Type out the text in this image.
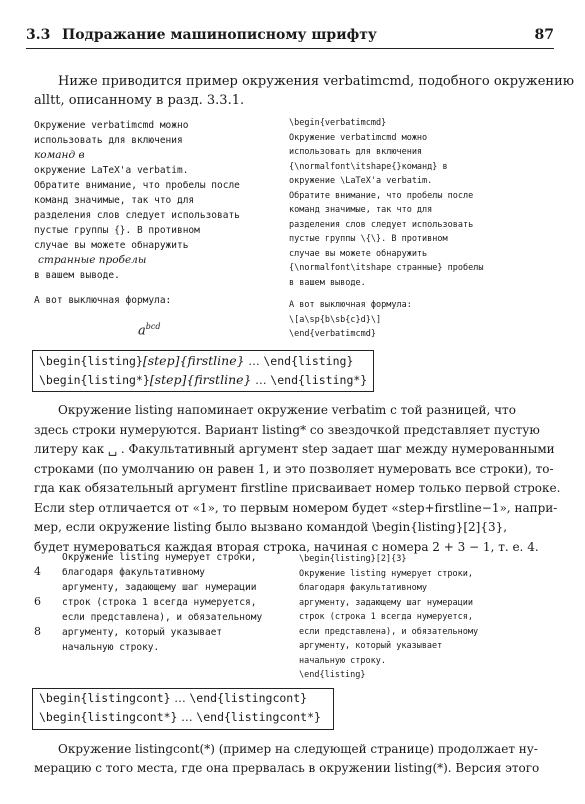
3.3 Подражание машинописному шрифту	87
Ниже приводится пример окружения verbatimcmd, подобного окружению
alltt, описанному в разд. 3.3.1.
Окружение verbatimcmd можно
использовать для включения
команд в
окружение LaTeX'а verbatim.
Обратите внимание, что пробелы после
команд значимые, так что для
разделения слов следует использовать
пустые группы {}. В противном
случае вы можете обнаружить
странные пробелы
в вашем выводе.
А вот выключная формула:
$a^{bcd}$
\begin{verbatimcmd}
Окружение verbatimcmd можно
использовать для включения
{\normalfont\itshape{}команд} в
окружение \LaTeX'а verbatim.
Обратите внимание, что пробелы после
команд значимые, так что для
разделения слов следует использовать
пустые группы \{\}. В противном
случае вы можете обнаружить
{\normalfont\itshape странные} пробелы
в вашем выводе.
А вот выключная формула:
\[a\sp{b\sb{c}d}\]
\end{verbatimcmd}
\begin{listing}[step]{firstline} … \end{listing}
\begin{listing*}[step]{firstline} … \end{listing*}
Окружение listing напоминает окружение verbatim с той разницей, что
здесь строки нумеруются. Вариант listing* со звездочкой представляет пустую
литеру как ␣ . Факультативный аргумент step задает шаг между нумерованными
строками (по умолчанию он равен 1, и это позволяет нумеровать все строки), то-
гда как обязательный аргумент firstline присваивает номер только первой строке.
Если step отличается от «1», то первым номером будет «step+firstline−1», напри-
мер, если окружение listing было вызвано командой \begin{listing}[2]{3},
будет нумероваться каждая вторая строка, начиная с номера 2 + 3 − 1, т. е. 4.
4
6
8
Окружение listing нумерует строки,
благодаря факультативному
аргументу, задающему шаг нумерации
строк (строка 1 всегда нумеруется,
если представлена), и обязательному
аргументу, который указывает
начальную строку.
\begin{listing}[2]{3}
Окружение listing нумерует строки,
благодаря факультативному
аргументу, задающему шаг нумерации
строк (строка 1 всегда нумеруется,
если представлена), и обязательному
аргументу, который указывает
начальную строку.
\end{listing}
\begin{listingcont} … \end{listingcont}
\begin{listingcont*} … \end{listingcont*}
Окружение listingcont(*) (пример на следующей странице) продолжает ну-
мерацию с того места, где она прервалась в окружении listing(*). Версия этого
